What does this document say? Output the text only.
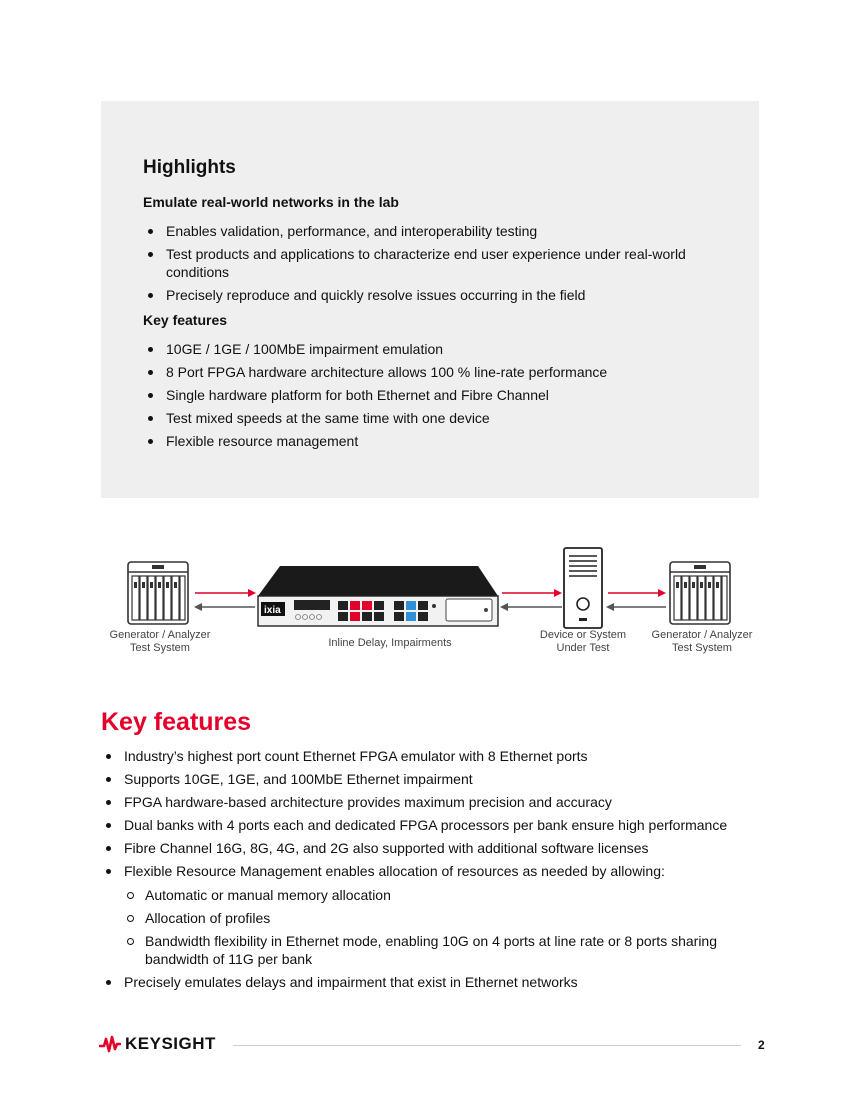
Highlights
Emulate real-world networks in the lab
Enables validation, performance, and interoperability testing
Test products and applications to characterize end user experience under real-world conditions
Precisely reproduce and quickly resolve issues occurring in the field
Key features
10GE / 1GE / 100MbE impairment emulation
8 Port FPGA hardware architecture allows 100 % line-rate performance
Single hardware platform for both Ethernet and Fibre Channel
Test mixed speeds at the same time with one device
Flexible resource management
ixia
Generator / Analyzer
Test System	Inline Delay, Impairments
Device or System
Under Test
Generator / Analyzer
Test System
Key features
Industry’s highest port count Ethernet FPGA emulator with 8 Ethernet ports
Supports 10GE, 1GE, and 100MbE Ethernet impairment
FPGA hardware-based architecture provides maximum precision and accuracy
Dual banks with 4 ports each and dedicated FPGA processors per bank ensure high performance
Fibre Channel 16G, 8G, 4G, and 2G also supported with additional software licenses
Flexible Resource Management enables allocation of resources as needed by allowing:
Automatic or manual memory allocation
Allocation of profiles
Bandwidth flexibility in Ethernet mode, enabling 10G on 4 ports at line rate or 8 ports sharing bandwidth of 11G per bank
Precisely emulates delays and impairment that exist in Ethernet networks
KEYSIGHT	2
